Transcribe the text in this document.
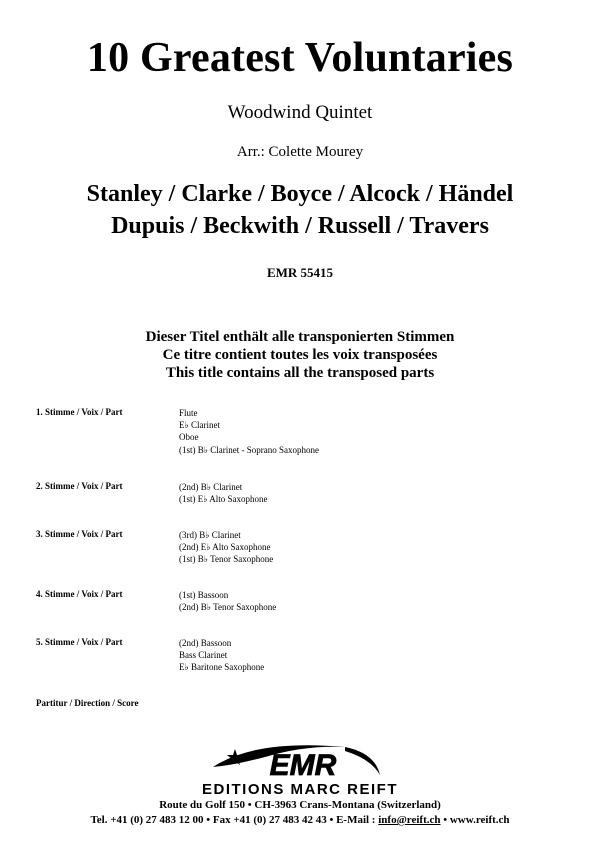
10 Greatest Voluntaries
Woodwind Quintet
Arr.: Colette Mourey
Stanley / Clarke / Boyce / Alcock / Händel
Dupuis / Beckwith / Russell / Travers
EMR 55415
Dieser Titel enthält alle transponierten Stimmen
Ce titre contient toutes les voix transposées
This title contains all the transposed parts
1. Stimme / Voix / Part	Flute
E♭ Clarinet
Oboe
(1st) B♭ Clarinet - Soprano Saxophone
2. Stimme / Voix / Part	(2nd) B♭ Clarinet
(1st) E♭ Alto Saxophone
3. Stimme / Voix / Part	(3rd) B♭ Clarinet
(2nd) E♭ Alto Saxophone
(1st) B♭ Tenor Saxophone
4. Stimme / Voix / Part	(1st) Bassoon
(2nd) B♭ Tenor Saxophone
5. Stimme / Voix / Part	(2nd) Bassoon
Bass Clarinet
E♭ Baritone Saxophone
Partitur / Direction / Score
EMR
EDITIONS MARC REIFT
Route du Golf 150 • CH-3963 Crans-Montana (Switzerland)
Tel. +41 (0) 27 483 12 00 • Fax +41 (0) 27 483 42 43 • E-Mail : info@reift.ch • www.reift.ch
